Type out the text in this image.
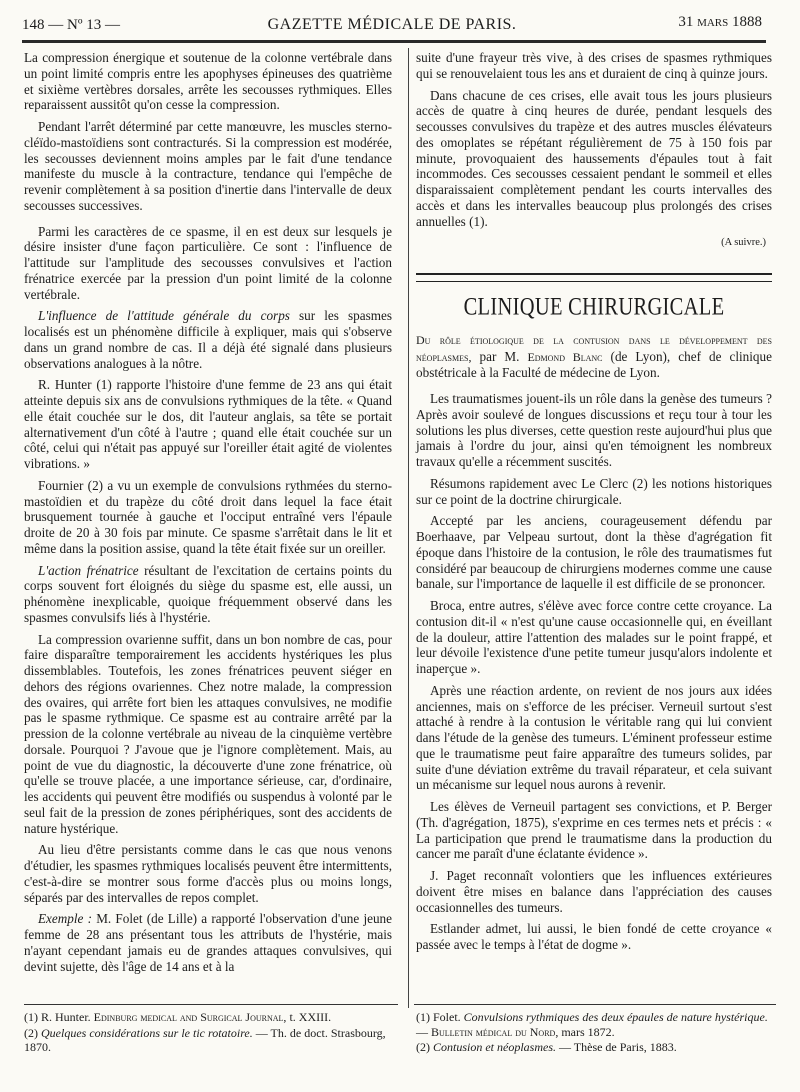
148 — Nº 13 —	GAZETTE MÉDICALE DE PARIS.	31 mars 1888

La compression énergique et soutenue de la colonne vertébrale dans un point limité compris entre les apophyses épineuses des quatrième et sixième vertèbres dorsales, arrête les secousses rythmiques. Elles reparaissent aussitôt qu'on cesse la compression.

Pendant l'arrêt déterminé par cette manœuvre, les muscles sterno-cléïdo-mastoïdiens sont contracturés. Si la compression est modérée, les secousses deviennent moins amples par le fait d'une tendance manifeste du muscle à la contracture, tendance qui l'empêche de revenir complètement à sa position d'inertie dans l'intervalle de deux secousses successives.

Parmi les caractères de ce spasme, il en est deux sur lesquels je désire insister d'une façon particulière. Ce sont : l'influence de l'attitude sur l'amplitude des secousses convulsives et l'action frénatrice exercée par la pression d'un point limité de la colonne vertébrale.

L'influence de l'attitude générale du corps sur les spasmes localisés est un phénomène difficile à expliquer, mais qui s'observe dans un grand nombre de cas. Il a déjà été signalé dans plusieurs observations analogues à la nôtre.

R. Hunter (1) rapporte l'histoire d'une femme de 23 ans qui était atteinte depuis six ans de convulsions rythmiques de la tête. « Quand elle était couchée sur le dos, dit l'auteur anglais, sa tête se portait alternativement d'un côté à l'autre ; quand elle était couchée sur un côté, celui qui n'était pas appuyé sur l'oreiller était agité de violentes vibrations. »

Fournier (2) a vu un exemple de convulsions rythmées du sterno-mastoïdien et du trapèze du côté droit dans lequel la face était brusquement tournée à gauche et l'occiput entraîné vers l'épaule droite de 20 à 30 fois par minute. Ce spasme s'arrêtait dans le lit et même dans la position assise, quand la tête était fixée sur un oreiller.

L'action frénatrice résultant de l'excitation de certains points du corps souvent fort éloignés du siège du spasme est, elle aussi, un phénomène inexplicable, quoique fréquemment observé dans les spasmes convulsifs liés à l'hystérie.

La compression ovarienne suffit, dans un bon nombre de cas, pour faire disparaître temporairement les accidents hystériques les plus dissemblables. Toutefois, les zones frénatrices peuvent siéger en dehors des régions ovariennes. Chez notre malade, la compression des ovaires, qui arrête fort bien les attaques convulsives, ne modifie pas le spasme rythmique. Ce spasme est au contraire arrêté par la pression de la colonne vertébrale au niveau de la cinquième vertèbre dorsale. Pourquoi ? J'avoue que je l'ignore complètement. Mais, au point de vue du diagnostic, la découverte d'une zone frénatrice, où qu'elle se trouve placée, a une importance sérieuse, car, d'ordinaire, les accidents qui peuvent être modifiés ou suspendus à volonté par le seul fait de la pression de zones périphériques, sont des accidents de nature hystérique.

Au lieu d'être persistants comme dans le cas que nous venons d'étudier, les spasmes rythmiques localisés peuvent être intermittents, c'est-à-dire se montrer sous forme d'accès plus ou moins longs, séparés par des intervalles de repos complet.

Exemple : M. Folet (de Lille) a rapporté l'observation d'une jeune femme de 28 ans présentant tous les attributs de l'hystérie, mais n'ayant cependant jamais eu de grandes attaques convulsives, qui devint sujette, dès l'âge de 14 ans et à la

suite d'une frayeur très vive, à des crises de spasmes rythmiques qui se renouvelaient tous les ans et duraient de cinq à quinze jours.

Dans chacune de ces crises, elle avait tous les jours plusieurs accès de quatre à cinq heures de durée, pendant lesquels des secousses convulsives du trapèze et des autres muscles élévateurs des omoplates se répétant régulièrement de 75 à 150 fois par minute, provoquaient des haussements d'épaules tout à fait incommodes. Ces secousses cessaient pendant le sommeil et elles disparaissaient complètement pendant les courts intervalles des accès et dans les intervalles beaucoup plus prolongés des crises annuelles (1).

(A suivre.)
CLINIQUE CHIRURGICALE
Du rôle étiologique de la contusion dans le développement des néoplasmes, par M. Edmond Blanc (de Lyon), chef de clinique obstétricale à la Faculté de médecine de Lyon.

Les traumatismes jouent-ils un rôle dans la genèse des tumeurs ? Après avoir soulevé de longues discussions et reçu tour à tour les solutions les plus diverses, cette question reste aujourd'hui plus que jamais à l'ordre du jour, ainsi qu'en témoignent les nombreux travaux qu'elle a récemment suscités.

Résumons rapidement avec Le Clerc (2) les notions historiques sur ce point de la doctrine chirurgicale.

Accepté par les anciens, courageusement défendu par Boerhaave, par Velpeau surtout, dont la thèse d'agrégation fit époque dans l'histoire de la contusion, le rôle des traumatismes fut considéré par beaucoup de chirurgiens modernes comme une cause banale, sur l'importance de laquelle il est difficile de se prononcer.

Broca, entre autres, s'élève avec force contre cette croyance. La contusion dit-il « n'est qu'une cause occasionnelle qui, en éveillant de la douleur, attire l'attention des malades sur le point frappé, et leur dévoile l'existence d'une petite tumeur jusqu'alors indolente et inaperçue ».

Après une réaction ardente, on revient de nos jours aux idées anciennes, mais on s'efforce de les préciser. Verneuil surtout s'est attaché à rendre à la contusion le véritable rang qui lui convient dans l'étude de la genèse des tumeurs. L'éminent professeur estime que le traumatisme peut faire apparaître des tumeurs solides, par suite d'une déviation extrême du travail réparateur, et cela suivant un mécanisme sur lequel nous aurons à revenir.

Les élèves de Verneuil partagent ses convictions, et P. Berger (Th. d'agrégation, 1875), s'exprime en ces termes nets et précis : « La participation que prend le traumatisme dans la production du cancer me paraît d'une éclatante évidence ».

J. Paget reconnaît volontiers que les influences extérieures doivent être mises en balance dans l'appréciation des causes occasionnelles des tumeurs.

Estlander admet, lui aussi, le bien fondé de cette croyance « passée avec le temps à l'état de dogme ».

(1) R. Hunter. Edinburg medical and Surgical Journal, t. XXIII.

(2) Quelques considérations sur le tic rotatoire. — Th. de doct. Strasbourg, 1870.

(1) Folet. Convulsions rythmiques des deux épaules de nature hystérique. — Bulletin médical du Nord, mars 1872.

(2) Contusion et néoplasmes. — Thèse de Paris, 1883.
